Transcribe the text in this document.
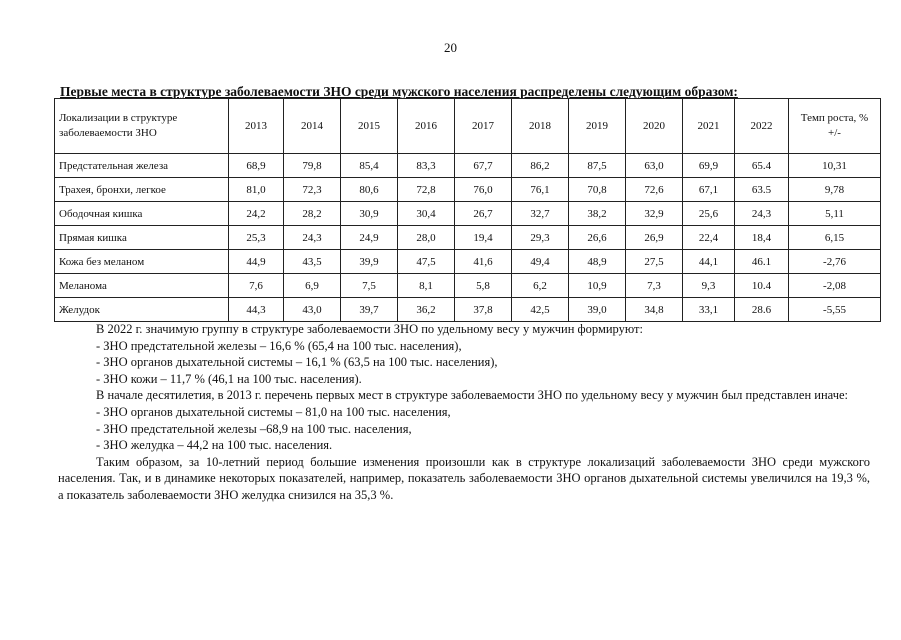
20
Первые места в структуре заболеваемости ЗНО среди мужского населения распределены следующим образом:
Локализации в структуре заболеваемости ЗНО	2013	2014	2015	2016	2017	2018	2019	2020	2021	2022	Темп роста, % +/-
Предстательная железа	68,9	79,8	85,4	83,3	67,7	86,2	87,5	63,0	69,9	65.4	10,31
Трахея, бронхи, легкое	81,0	72,3	80,6	72,8	76,0	76,1	70,8	72,6	67,1	63.5	9,78
Ободочная кишка	24,2	28,2	30,9	30,4	26,7	32,7	38,2	32,9	25,6	24,3	5,11
Прямая кишка	25,3	24,3	24,9	28,0	19,4	29,3	26,6	26,9	22,4	18,4	6,15
Кожа без меланом	44,9	43,5	39,9	47,5	41,6	49,4	48,9	27,5	44,1	46.1	-2,76
Меланома	7,6	6,9	7,5	8,1	5,8	6,2	10,9	7,3	9,3	10.4	-2,08
Желудок	44,3	43,0	39,7	36,2	37,8	42,5	39,0	34,8	33,1	28.6	-5,55

В 2022 г. значимую группу в структуре заболеваемости ЗНО по удельному весу у мужчин формируют:

- ЗНО предстательной железы – 16,6 % (65,4 на 100 тыс. населения),

- ЗНО органов дыхательной системы – 16,1 % (63,5 на 100 тыс. населения),

- ЗНО кожи – 11,7 % (46,1 на 100 тыс. населения).

В начале десятилетия, в 2013 г. перечень первых мест в структуре заболеваемости ЗНО по удельному весу у мужчин был представлен иначе:

- ЗНО органов дыхательной системы – 81,0 на 100 тыс. населения,

- ЗНО предстательной железы –68,9 на 100 тыс. населения,

- ЗНО желудка – 44,2 на 100 тыс. населения.

Таким образом, за 10-летний период большие изменения произошли как в структуре локализаций заболеваемости ЗНО среди мужского населения. Так, и в динамике некоторых показателей, например, показатель заболеваемости ЗНО органов дыхательной системы увеличился на 19,3 %, а показатель заболеваемости ЗНО желудка снизился на 35,3 %.
